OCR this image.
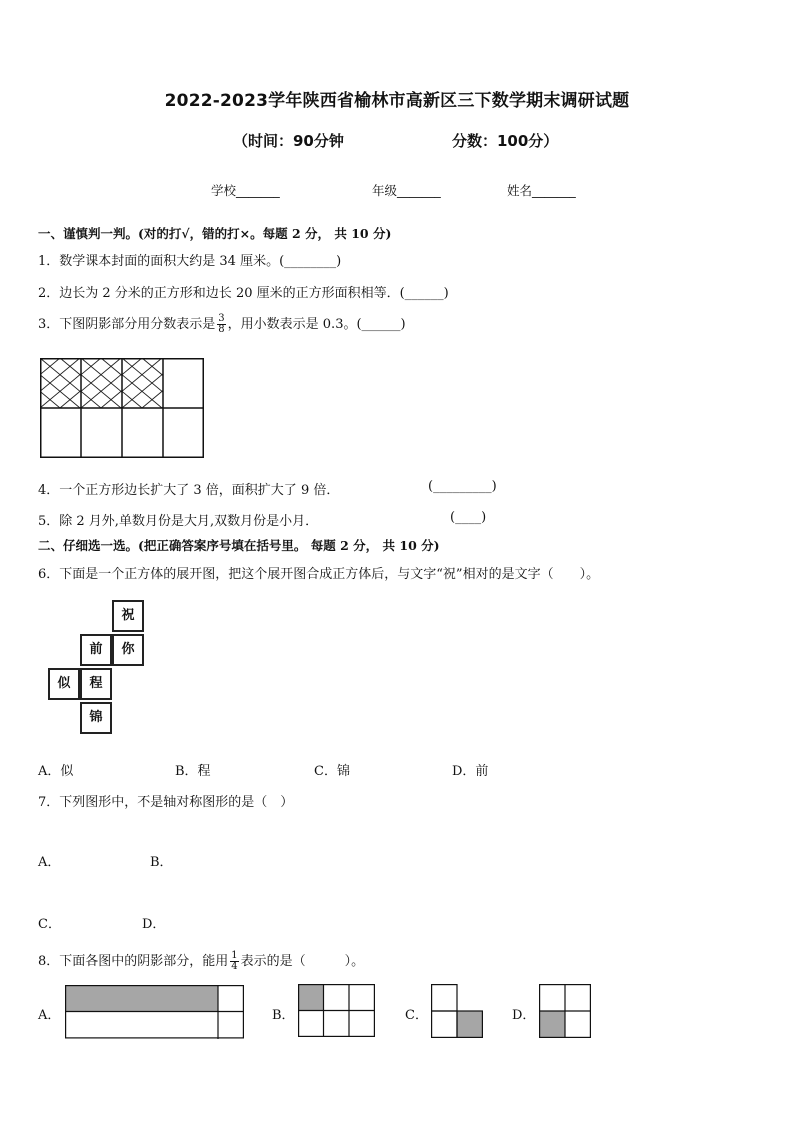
2022-2023学年陕西省榆林市高新区三下数学期末调研试题
（时间：90分钟	分数：100分）
学校_______	年级_______	姓名_______
一、谨慎判一判。(对的打√，错的打×。每题 2 分， 共 10 分)
1．数学课本封面的面积大约是 34 厘米。(________)
2．边长为 2 分米的正方形和边长 20 厘米的正方形面积相等．(______)
3．下图阴影部分用分数表示是 $\frac{3}{8}$ ，用小数表示是 0.3。(______)
4．一个正方形边长扩大了 3 倍，面积扩大了 9 倍．	(_________)
5．除 2 月外,单数月份是大月,双数月份是小月．	(____)
二、仔细选一选。(把正确答案序号填在括号里。 每题 2 分， 共 10 分)
6．下面是一个正方体的展开图，把这个展开图合成正方体后，与文字“祝”相对的是文字（　　）。
祝
前	你
似	程
锦
A．似	B．程	C．锦	D．前
7．下列图形中，不是轴对称图形的是（　）
A．	B．
C．	D．
8．下面各图中的阴影部分，能用 $\frac{1}{4}$ 表示的是（　　　）。
A．	B．	C．	D．
